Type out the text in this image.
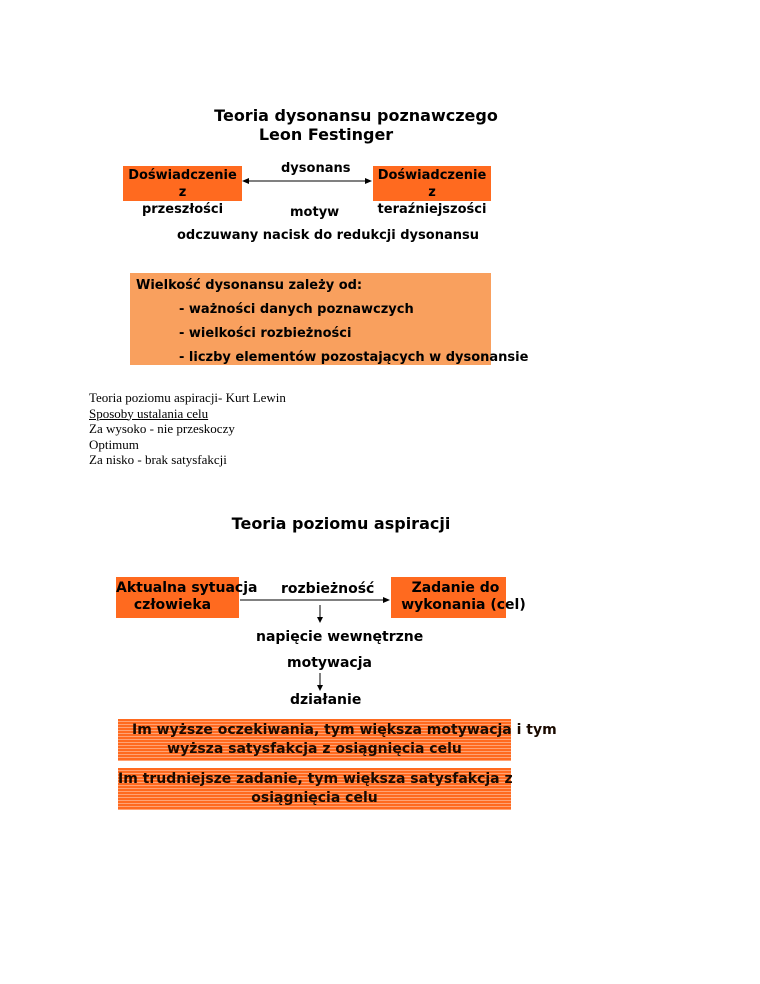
Teoria dysonansu poznawczego
Leon Festinger
Doświadczenie z
przeszłości
Doświadczenie z
teraźniejszości
dysonans
motyw
odczuwany nacisk do redukcji dysonansu
Wielkość dysonansu zależy od:
- ważności danych poznawczych
- wielkości rozbieżności
- liczby elementów pozostających w dysonansie
Teoria poziomu aspiracji- Kurt Lewin
Sposoby ustalania celu
Za wysoko - nie przeskoczy
Optimum
Za nisko - brak satysfakcji
Teoria poziomu aspiracji
Aktualna sytuacja
człowieka
Zadanie do
wykonania (cel)
rozbieżność
napięcie wewnętrzne
motywacja
działanie
Im wyższe oczekiwania, tym większa motywacja i tym
wyższa satysfakcja z osiągnięcia celu
Im trudniejsze zadanie, tym większa satysfakcja z
osiągnięcia celu
